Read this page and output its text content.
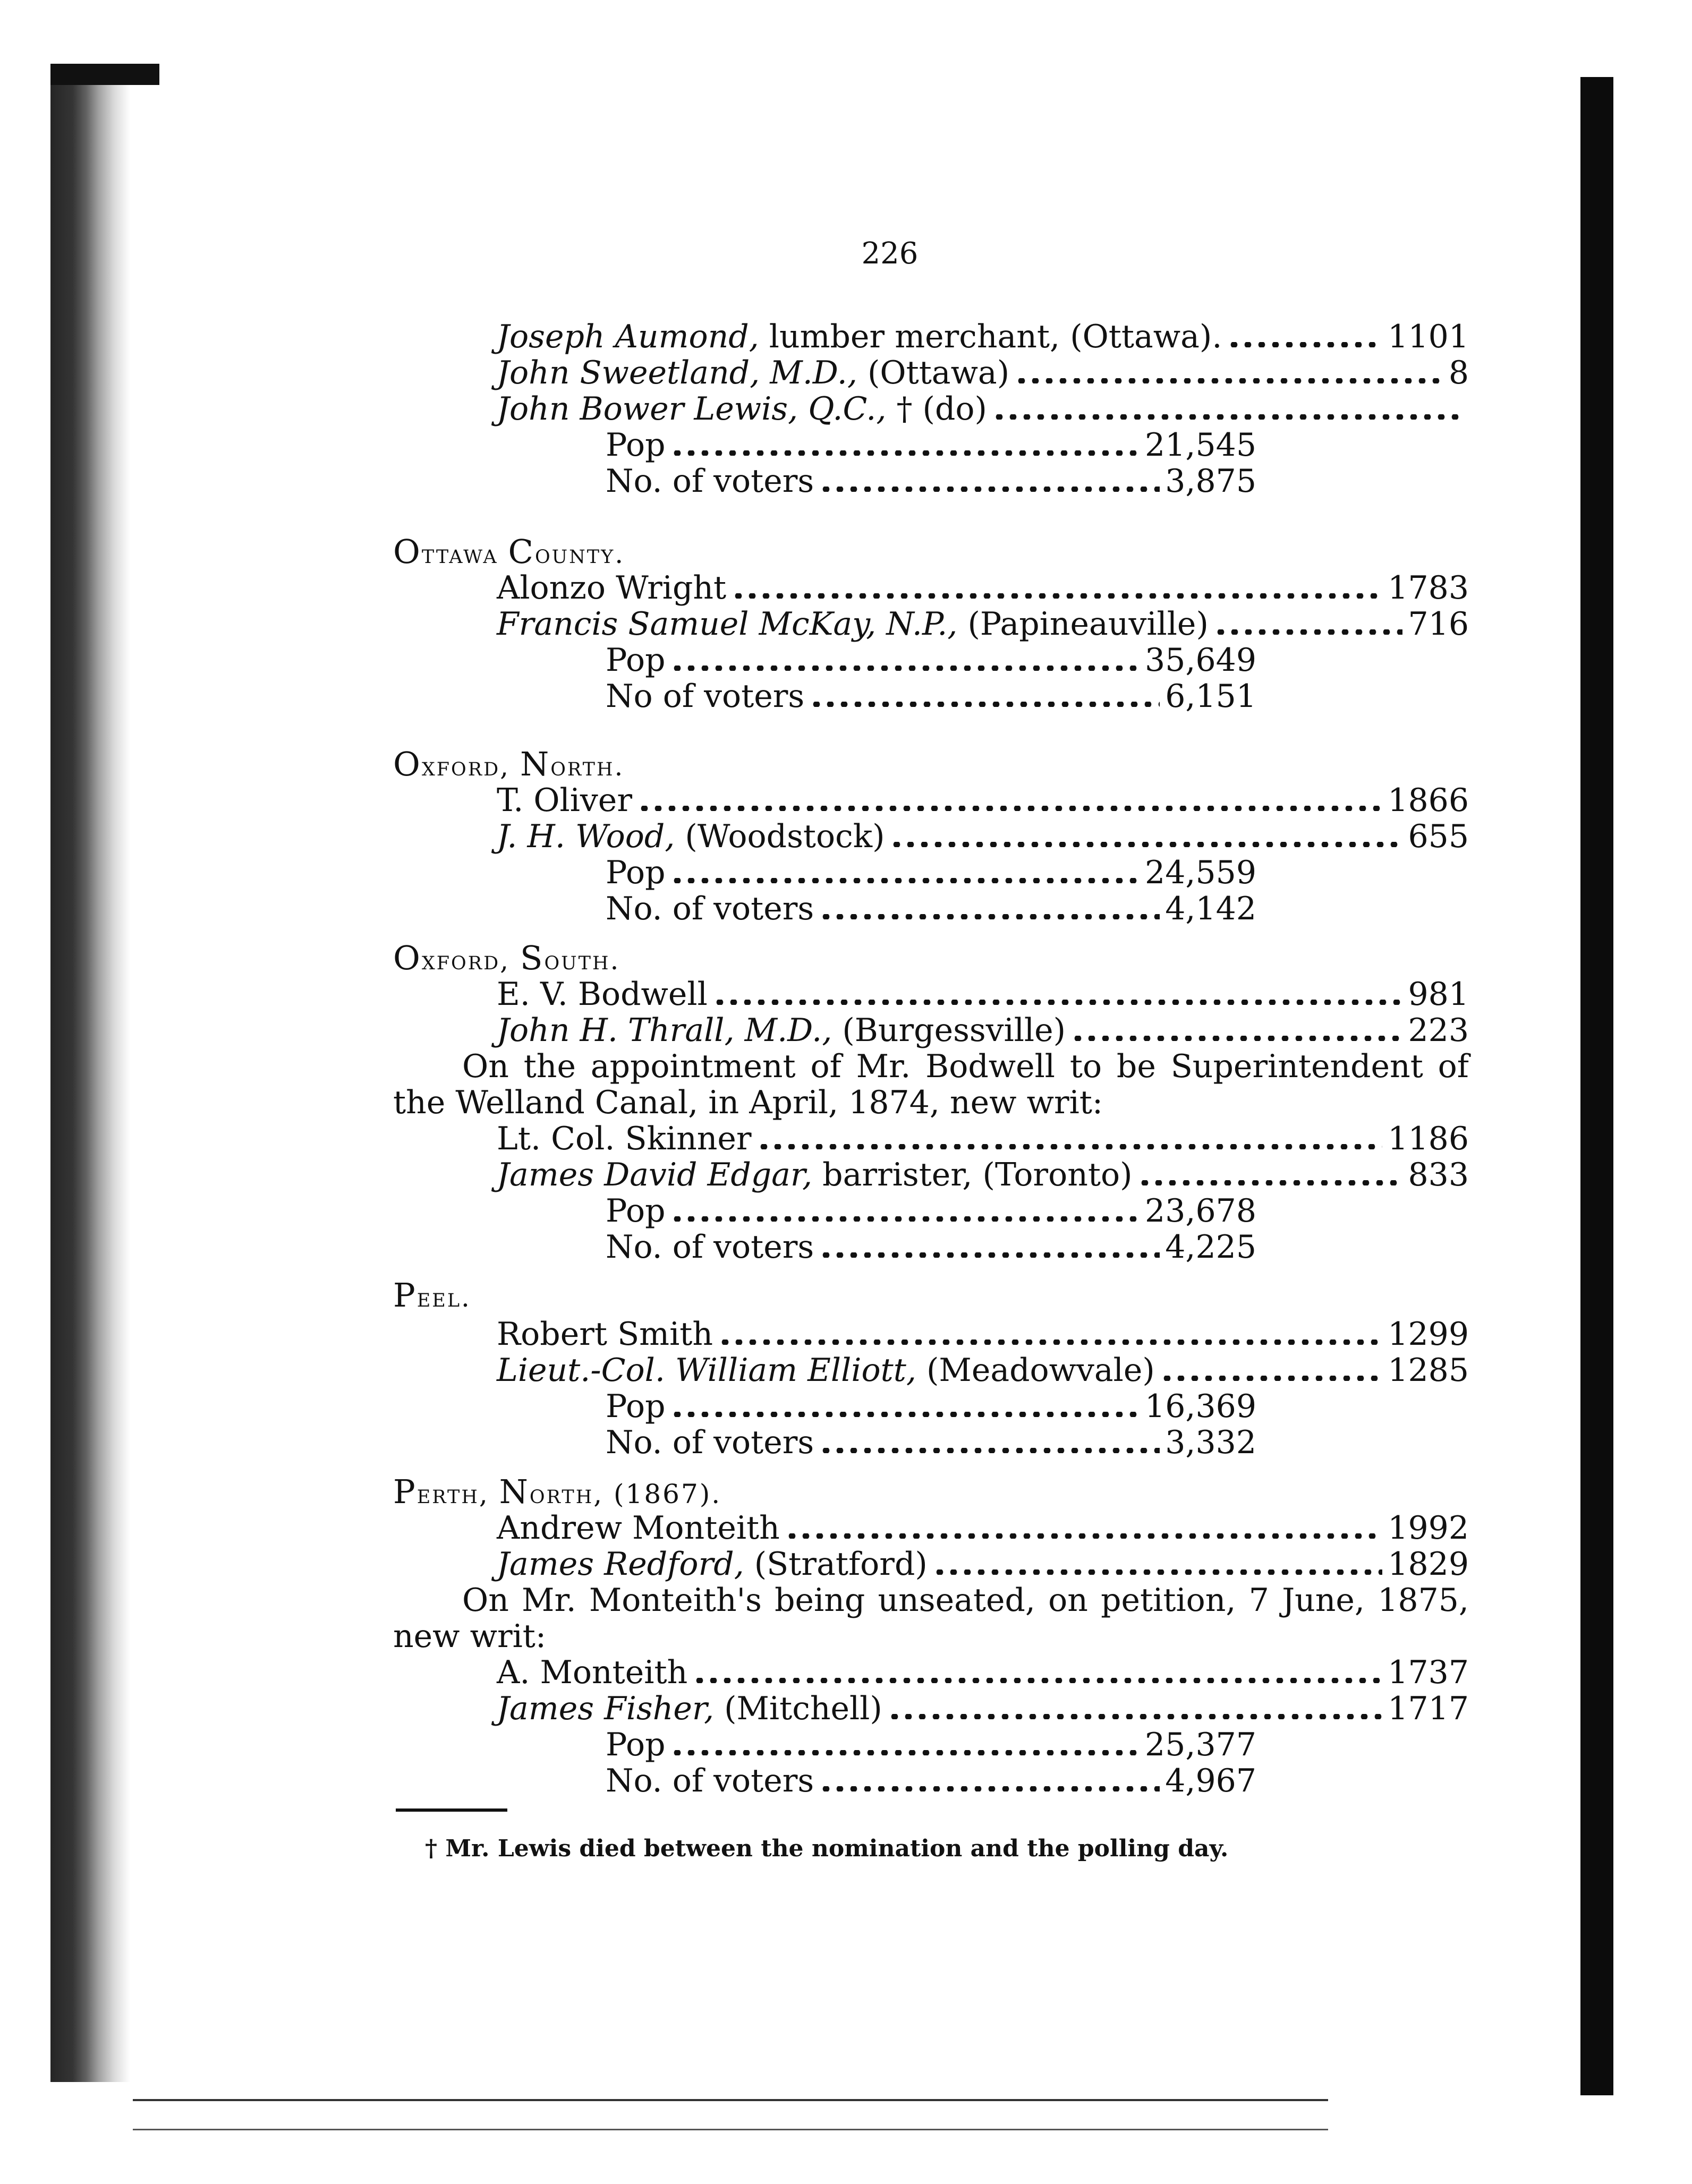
226
Joseph Aumond, lumber merchant, (Ottawa).	1101
John Sweetland, M.D., (Ottawa)	8
John Bower Lewis, Q.C., † (do)
Pop	21,545
No. of voters	3,875
Ottawa County.
Alonzo Wright	1783
Francis Samuel McKay, N.P., (Papineauville)	716
Pop	35,649
No of voters	6,151
Oxford, North.
T. Oliver	1866
J. H. Wood, (Woodstock)	655
Pop	24,559
No. of voters	4,142
Oxford, South.
E. V. Bodwell	981
John H. Thrall, M.D., (Burgessville)	223
On the appointment of Mr. Bodwell to be Superintendent of the Welland Canal, in April, 1874, new writ:
Lt. Col. Skinner	1186
James David Edgar, barrister, (Toronto)	833
Pop	23,678
No. of voters	4,225
Peel.
Robert Smith	1299
Lieut.-Col. William Elliott, (Meadowvale)	1285
Pop	16,369
No. of voters	3,332
Perth, North, (1867).
Andrew Monteith	1992
James Redford, (Stratford)	1829
On Mr. Monteith's being unseated, on petition, 7 June, 1875, new writ:
A. Monteith	1737
James Fisher, (Mitchell)	1717
Pop	25,377
No. of voters	4,967
† Mr. Lewis died between the nomination and the polling day.
